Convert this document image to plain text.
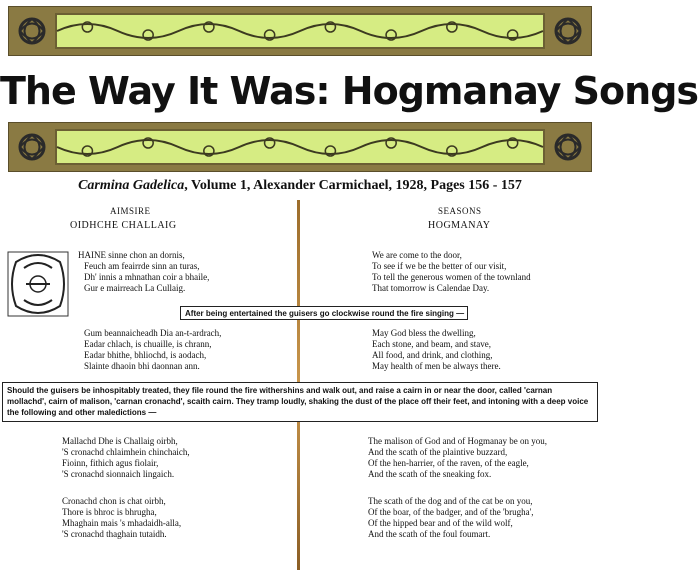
The Way It Was: Hogmanay Songs
Carmina Gadelica, Volume 1, Alexander Carmichael, 1928, Pages 156 - 157
AIMSIRE
OIDHCHE CHALLAIG
SEASONS
HOGMANAY
HAINE sinne chon an dornis,
Feuch am feairrde sinn an turas,
Dh' innis a mhnathan coir a bhaile,
Gur e mairreach La Cullaig.
We are come to the door,
To see if we be the better of our visit,
To tell the generous women of the townland
That tomorrow is Calendae Day.
After being entertained the guisers go clockwise round the fire singing —
Gum beannaicheadh Dia an-t-ardrach,
Eadar chlach, is chuaille, is chrann,
Eadar bhithe, bhliochd, is aodach,
Slainte dhaoin bhi daonnan ann.
May God bless the dwelling,
Each stone, and beam, and stave,
All food, and drink, and clothing,
May health of men be always there.
Should the guisers be inhospitably treated, they file round the fire withershins and walk out, and raise a cairn in or near the door, called 'carnan mollachd', cairn of malison, 'carnan cronachd', scaith cairn. They tramp loudly, shaking the dust of the place off their feet, and intoning with a deep voice the following and other maledictions —
Mallachd Dhe is Challaig oirbh,
'S cronachd chlaimhein chinchaich,
Fioinn, fithich agus fiolair,
'S cronachd sionnaich lingaich.
The malison of God and of Hogmanay be on you,
And the scath of the plaintive buzzard,
Of the hen-harrier, of the raven, of the eagle,
And the scath of the sneaking fox.
Cronachd chon is chat oirbh,
Thore is bhroc is bhrugha,
Mhaghain mais 's mhadaidh-alla,
'S cronachd thaghain tutaidh.
The scath of the dog and of the cat be on you,
Of the boar, of the badger, and of the 'brugha',
Of the hipped bear and of the wild wolf,
And the scath of the foul foumart.
